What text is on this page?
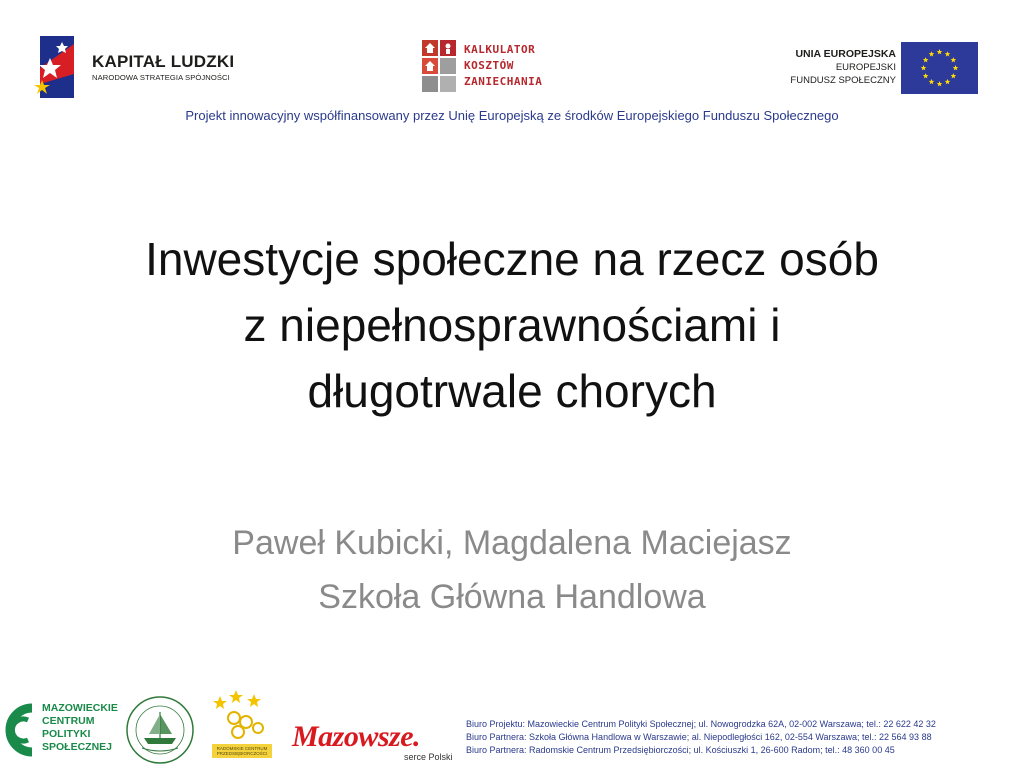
KAPITAŁ LUDZKI
NARODOWA STRATEGIA SPÓJNOŚCI
KALKULATOR
KOSZTÓW
ZANIECHANIA
UNIA EUROPEJSKA
EUROPEJSKI
FUNDUSZ SPOŁECZNY
Projekt innowacyjny współfinansowany przez Unię Europejską ze środków Europejskiego Funduszu Społecznego
Inwestycje społeczne na rzecz osób
z niepełnosprawnościami i
długotrwale chorych
Paweł Kubicki, Magdalena Maciejasz
Szkoła Główna Handlowa
MAZOWIECKIE
CENTRUM
POLITYKI
SPOŁECZNEJ	RADOMSKIE CENTRUM PRZEDSIĘBIORCZOŚCI
Mazowsze.
serce Polski
Biuro Projektu: Mazowieckie Centrum Polityki Społecznej; ul. Nowogrodzka 62A, 02-002 Warszawa; tel.: 22 622 42 32
Biuro Partnera: Szkoła Główna Handlowa w Warszawie; al. Niepodległości 162, 02-554 Warszawa; tel.: 22 564 93 88
Biuro Partnera: Radomskie Centrum Przedsiębiorczości; ul. Kościuszki 1, 26-600 Radom; tel.: 48 360 00 45
